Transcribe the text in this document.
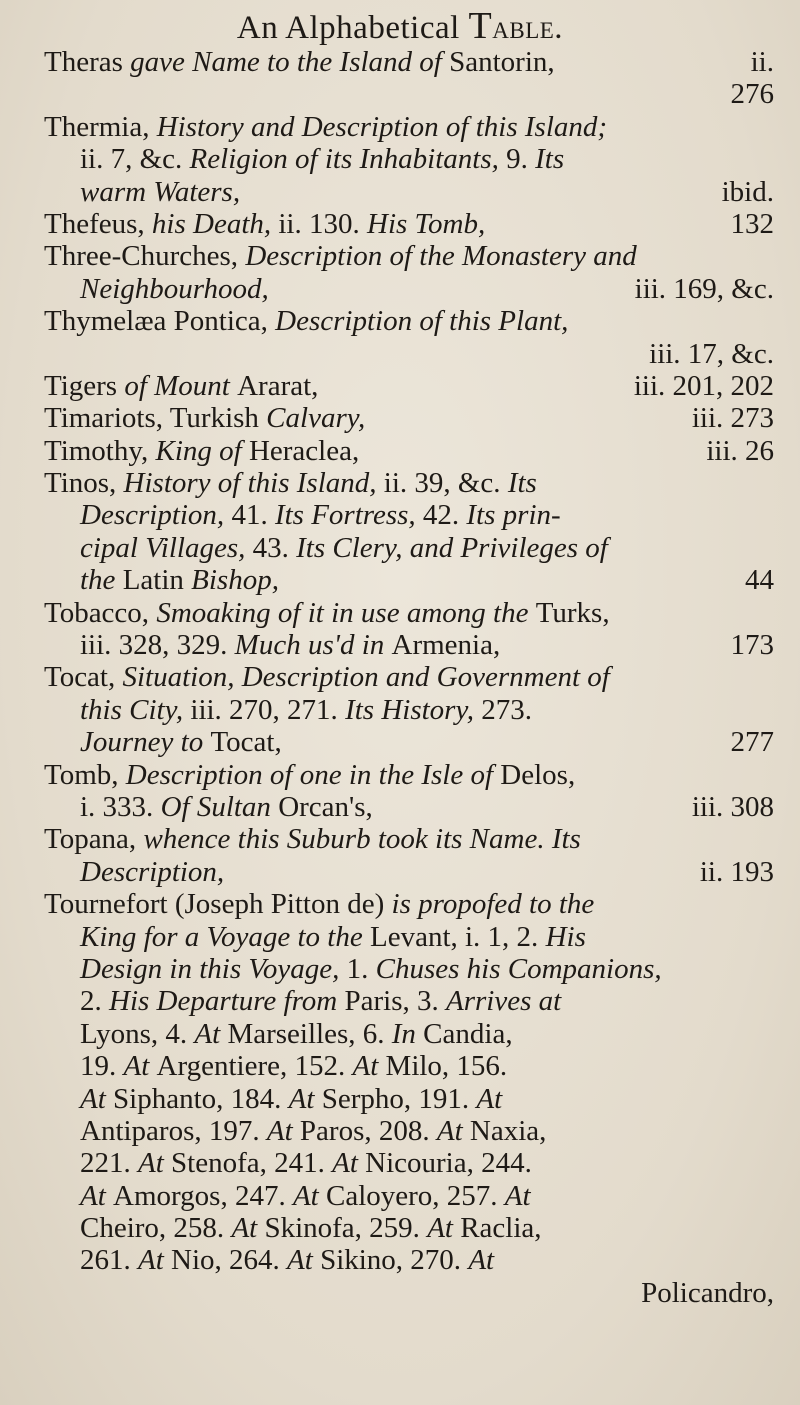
An Alphabetical Table.
Theras gave Name to the Island of Santorin,	ii.
276
Thermia, History and Description of this Island;
ii. 7, &c. Religion of its Inhabitants, 9. Its
warm Waters,	ibid.
Thefeus, his Death, ii. 130. His Tomb,	132
Three-Churches, Description of the Monastery and
Neighbourhood,	iii. 169, &c.
Thymelæa Pontica, Description of this Plant,
iii. 17, &c.
Tigers of Mount Ararat,	iii. 201, 202
Timariots, Turkish Calvary,	iii. 273
Timothy, King of Heraclea,	iii. 26
Tinos, History of this Island, ii. 39, &c. Its
Description, 41. Its Fortress, 42. Its prin-
cipal Villages, 43. Its Clery, and Privileges of
the Latin Bishop,	44
Tobacco, Smoaking of it in use among the Turks,
iii. 328, 329. Much us'd in Armenia,	173
Tocat, Situation, Description and Government of
this City, iii. 270, 271. Its History, 273.
Journey to Tocat,	277
Tomb, Description of one in the Isle of Delos,
i. 333. Of Sultan Orcan's,	iii. 308
Topana, whence this Suburb took its Name. Its
Description,	ii. 193
Tournefort (Joseph Pitton de) is propofed to the
King for a Voyage to the Levant, i. 1, 2. His
Design in this Voyage, 1. Chuses his Companions,
2. His Departure from Paris, 3. Arrives at
Lyons, 4. At Marseilles, 6. In Candia,
19. At Argentiere, 152. At Milo, 156.
At Siphanto, 184. At Serpho, 191. At
Antiparos, 197. At Paros, 208. At Naxia,
221. At Stenofa, 241. At Nicouria, 244.
At Amorgos, 247. At Caloyero, 257. At
Cheiro, 258. At Skinofa, 259. At Raclia,
261. At Nio, 264. At Sikino, 270. At
Policandro,
